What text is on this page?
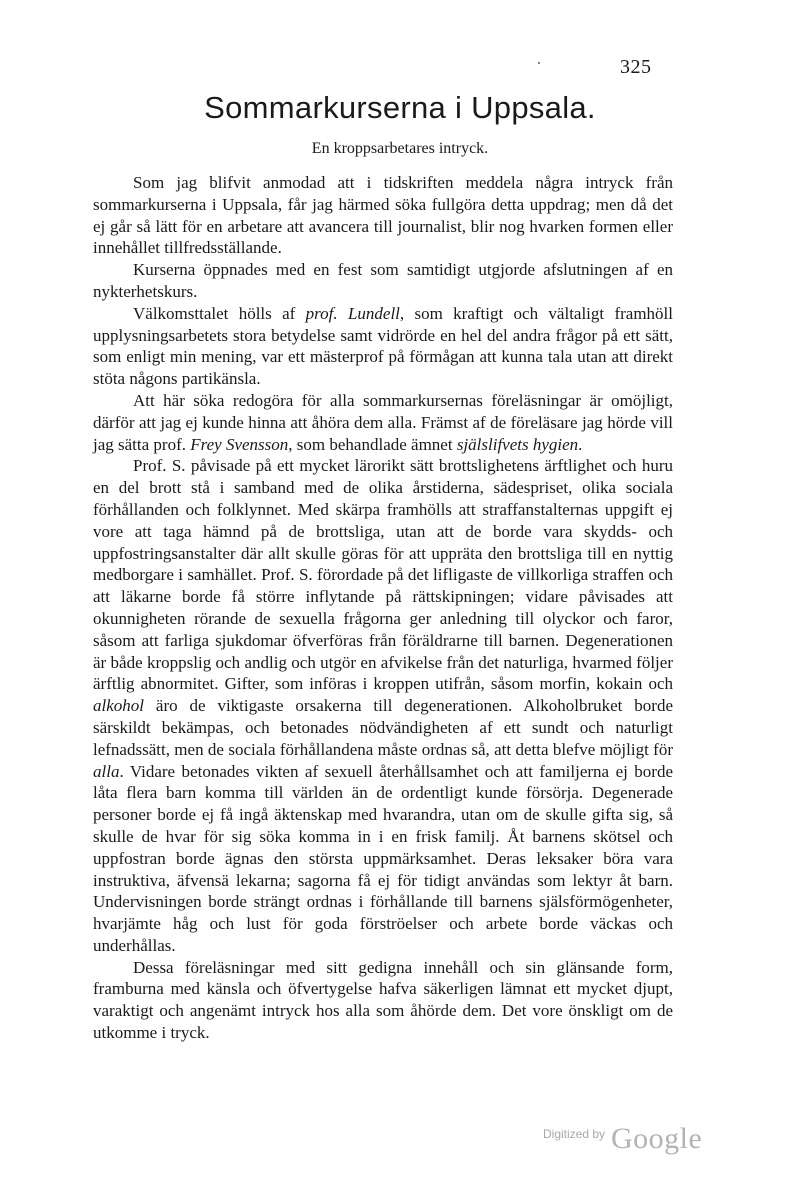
325
Sommarkurserna i Uppsala.
En kroppsarbetares intryck.

Som jag blifvit anmodad att i tidskriften meddela några intryck från sommarkurserna i Uppsala, får jag härmed söka fullgöra detta uppdrag; men då det ej går så lätt för en arbetare att avancera till journalist, blir nog hvarken formen eller innehållet tillfredsställande.

Kurserna öppnades med en fest som samtidigt utgjorde afslutningen af en nykterhetskurs.

Välkomsttalet hölls af prof. Lundell, som kraftigt och vältaligt framhöll upplysningsarbetets stora betydelse samt vidrörde en hel del andra frågor på ett sätt, som enligt min mening, var ett mästerprof på förmågan att kunna tala utan att direkt stöta någons partikänsla.

Att här söka redogöra för alla sommarkursernas föreläsningar är omöjligt, därför att jag ej kunde hinna att åhöra dem alla. Främst af de föreläsare jag hörde vill jag sätta prof. Frey Svensson, som behandlade ämnet själslifvets hygien.

Prof. S. påvisade på ett mycket lärorikt sätt brottslighetens ärftlighet och huru en del brott stå i samband med de olika årstiderna, sädespriset, olika sociala förhållanden och folklynnet. Med skärpa framhölls att straffanstalternas uppgift ej vore att taga hämnd på de brottsliga, utan att de borde vara skydds- och uppfostringsanstalter där allt skulle göras för att uppräta den brottsliga till en nyttig medborgare i samhället. Prof. S. förordade på det lifligaste de villkorliga straffen och att läkarne borde få större inflytande på rättskipningen; vidare påvisades att okunnigheten rörande de sexuella frågorna ger anledning till olyckor och faror, såsom att farliga sjukdomar öfverföras från föräldrarne till barnen. Degenerationen är både kroppslig och andlig och utgör en afvikelse från det naturliga, hvarmed följer ärftlig abnormitet. Gifter, som införas i kroppen utifrån, såsom morfin, kokain och alkohol äro de viktigaste orsakerna till degenerationen. Alkoholbruket borde särskildt bekämpas, och betonades nödvändigheten af ett sundt och naturligt lefnadssätt, men de sociala förhållandena måste ordnas så, att detta blefve möjligt för alla. Vidare betonades vikten af sexuell återhållsamhet och att familjerna ej borde låta flera barn komma till världen än de ordentligt kunde försörja. Degenerade personer borde ej få ingå äktenskap med hvarandra, utan om de skulle gifta sig, så skulle de hvar för sig söka komma in i en frisk familj. Åt barnens skötsel och uppfostran borde ägnas den största uppmärksamhet. Deras leksaker böra vara instruktiva, äfvensä lekarna; sagorna få ej för tidigt användas som lektyr åt barn. Undervisningen borde strängt ordnas i förhållande till barnens själsförmögenheter, hvarjämte håg och lust för goda förströelser och arbete borde väckas och underhållas.

Dessa föreläsningar med sitt gedigna innehåll och sin glänsande form, framburna med känsla och öfvertygelse hafva säkerligen lämnat ett mycket djupt, varaktigt och angenämt intryck hos alla som åhörde dem. Det vore önskligt om de utkomme i tryck.

Digitized by Google
